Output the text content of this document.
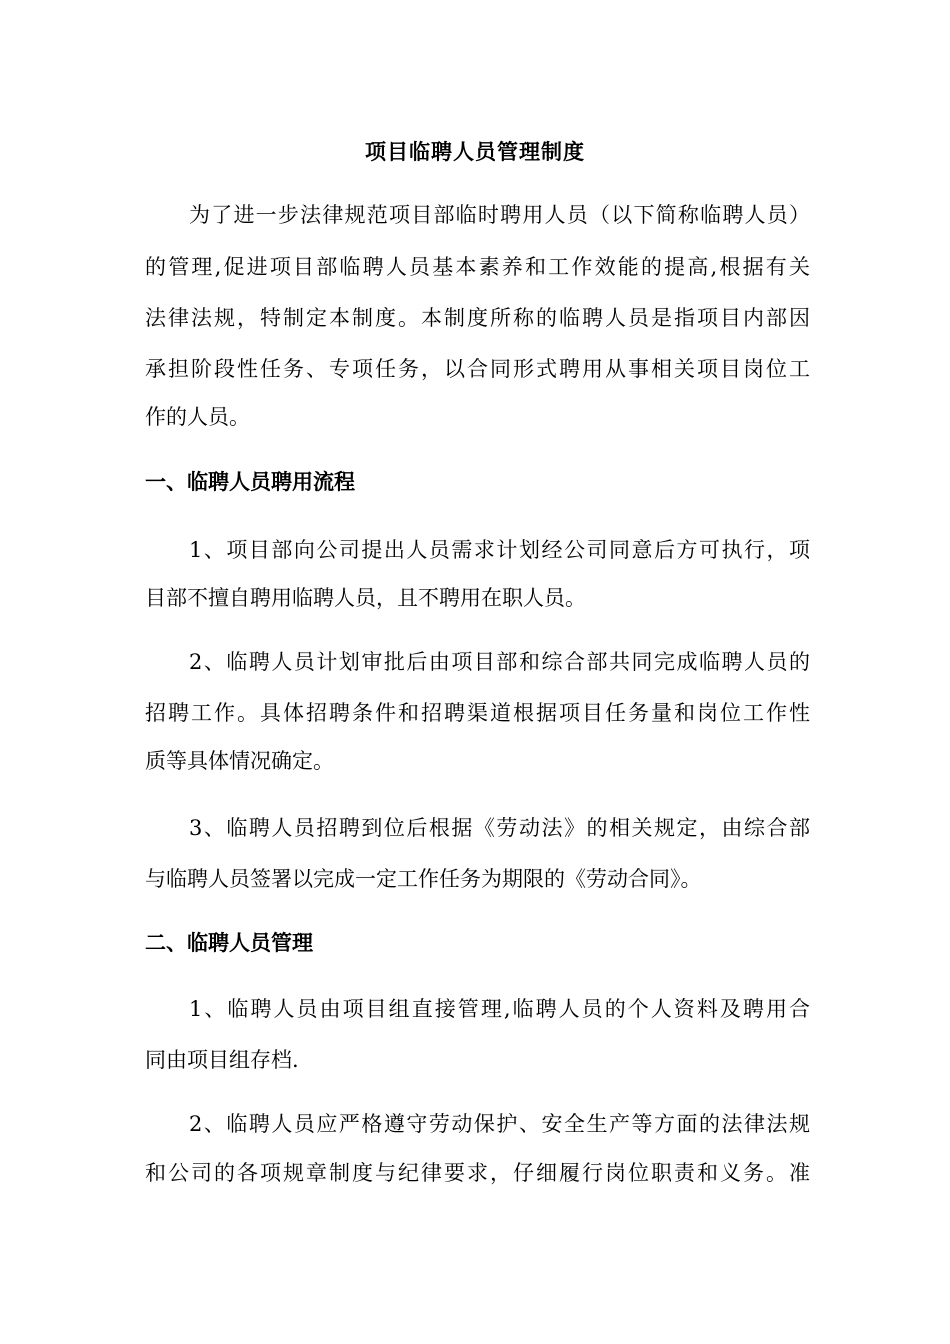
项目临聘人员管理制度
为了进一步法律规范项目部临时聘用人员（以下简称临聘人员）
的管理,促进项目部临聘人员基本素养和工作效能的提高,根据有关
法律法规，特制定本制度。本制度所称的临聘人员是指项目内部因
承担阶段性任务、专项任务，以合同形式聘用从事相关项目岗位工
作的人员。
一、临聘人员聘用流程
1、项目部向公司提出人员需求计划经公司同意后方可执行，项
目部不擅自聘用临聘人员，且不聘用在职人员。
2、临聘人员计划审批后由项目部和综合部共同完成临聘人员的
招聘工作。具体招聘条件和招聘渠道根据项目任务量和岗位工作性
质等具体情况确定。
3、临聘人员招聘到位后根据《劳动法》的相关规定，由综合部
与临聘人员签署以完成一定工作任务为期限的《劳动合同》。
二、临聘人员管理
1、临聘人员由项目组直接管理,临聘人员的个人资料及聘用合
同由项目组存档.
2、临聘人员应严格遵守劳动保护、安全生产等方面的法律法规
和公司的各项规章制度与纪律要求，仔细履行岗位职责和义务。准
